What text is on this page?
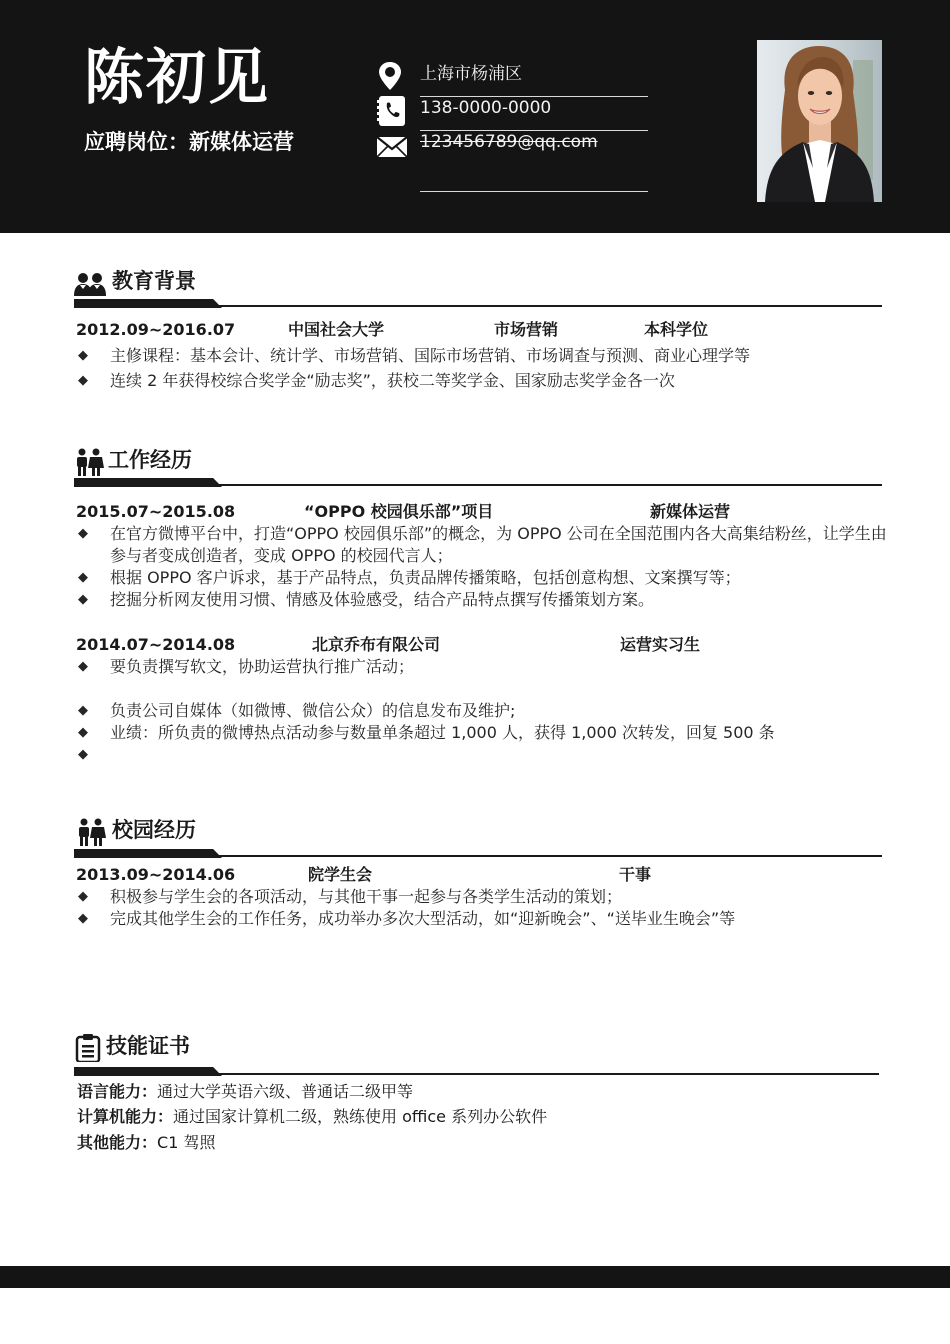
陈初见
应聘岗位：新媒体运营
上海市杨浦区
138-0000-0000
123456789@qq.com
教育背景
2012.09~2016.07	中国社会大学	市场营销	本科学位
◆	主修课程：基本会计、统计学、市场营销、国际市场营销、市场调查与预测、商业心理学等
◆	连续 2 年获得校综合奖学金“励志奖”，获校二等奖学金、国家励志奖学金各一次
工作经历
2015.07~2015.08	“OPPO 校园俱乐部”项目	新媒体运营
◆	在官方微博平台中，打造“OPPO 校园俱乐部”的概念，为 OPPO 公司在全国范围内各大高集结粉丝，让学生由参与者变成创造者，变成 OPPO 的校园代言人；
◆	根据 OPPO 客户诉求，基于产品特点，负责品牌传播策略，包括创意构想、文案撰写等；
◆	挖掘分析网友使用习惯、情感及体验感受，结合产品特点撰写传播策划方案。
2014.07~2014.08	北京乔布有限公司	运营实习生
◆	要负责撰写软文，协助运营执行推广活动；
◆	负责公司自媒体（如微博、微信公众）的信息发布及维护;
◆	业绩：所负责的微博热点活动参与数量单条超过 1,000 人，获得 1,000 次转发，回复 500 条
◆
校园经历
2013.09~2014.06	院学生会	干事
◆	积极参与学生会的各项活动，与其他干事一起参与各类学生活动的策划；
◆	完成其他学生会的工作任务，成功举办多次大型活动，如“迎新晚会”、“送毕业生晚会”等
技能证书
语言能力：通过大学英语六级、普通话二级甲等
计算机能力：通过国家计算机二级，熟练使用 office 系列办公软件
其他能力：C1 驾照
